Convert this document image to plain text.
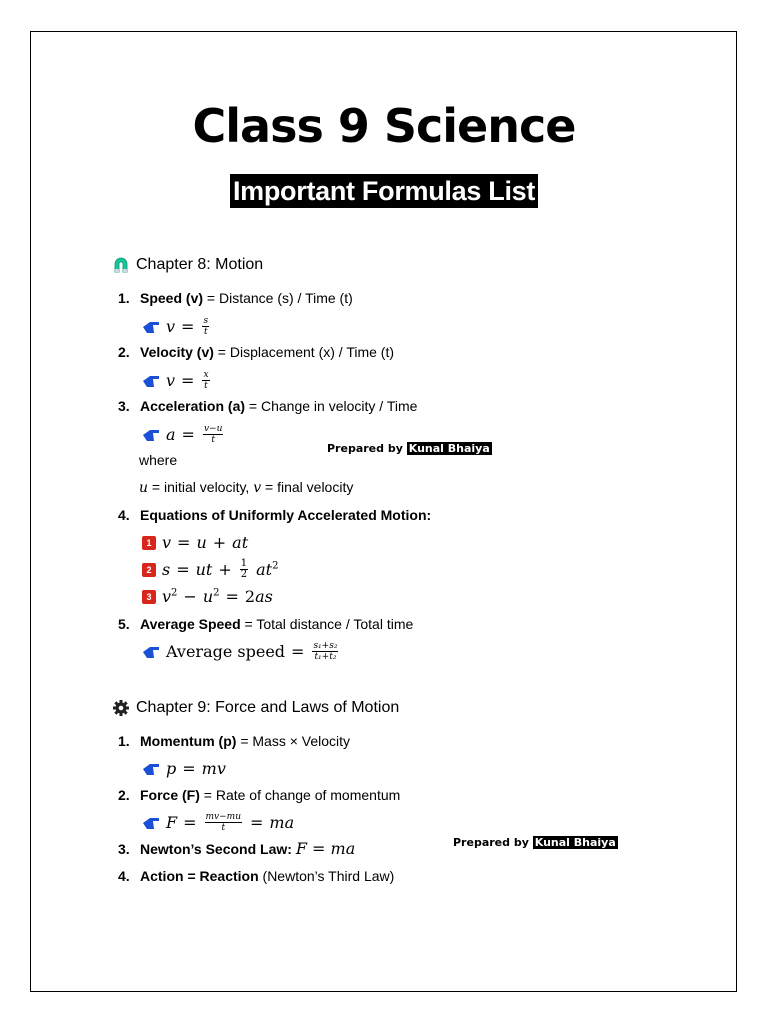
Class 9 Science
Important Formulas List
Chapter 8: Motion
1. Speed (v) = Distance (s) / Time (t)
$v = \frac{s}{t}$
2. Velocity (v) = Displacement (x) / Time (t)
$v = \frac{x}{t}$
3. Acceleration (a) = Change in velocity / Time
$a = \frac{v-u}{t}$
where
u = initial velocity, v = final velocity
Prepared by Kunal Bhaiya
4. Equations of Uniformly Accelerated Motion:
1 v = u + at
2 s = ut + $\frac{1}{2} at^2$
3 $v^2 - u^2 = 2as$
5. Average Speed = Total distance / Total time
Average speed = $\frac{\text{s₁+s₂}}{\text{t₁+t₂}}$
Chapter 9: Force and Laws of Motion
1. Momentum (p) = Mass × Velocity
p = mv
2. Force (F) = Rate of change of momentum
$F = \frac{mv-mu}{t}$ = ma
3. Newton’s Second Law: F = ma	Prepared by Kunal Bhaiya
4. Action = Reaction (Newton’s Third Law)
